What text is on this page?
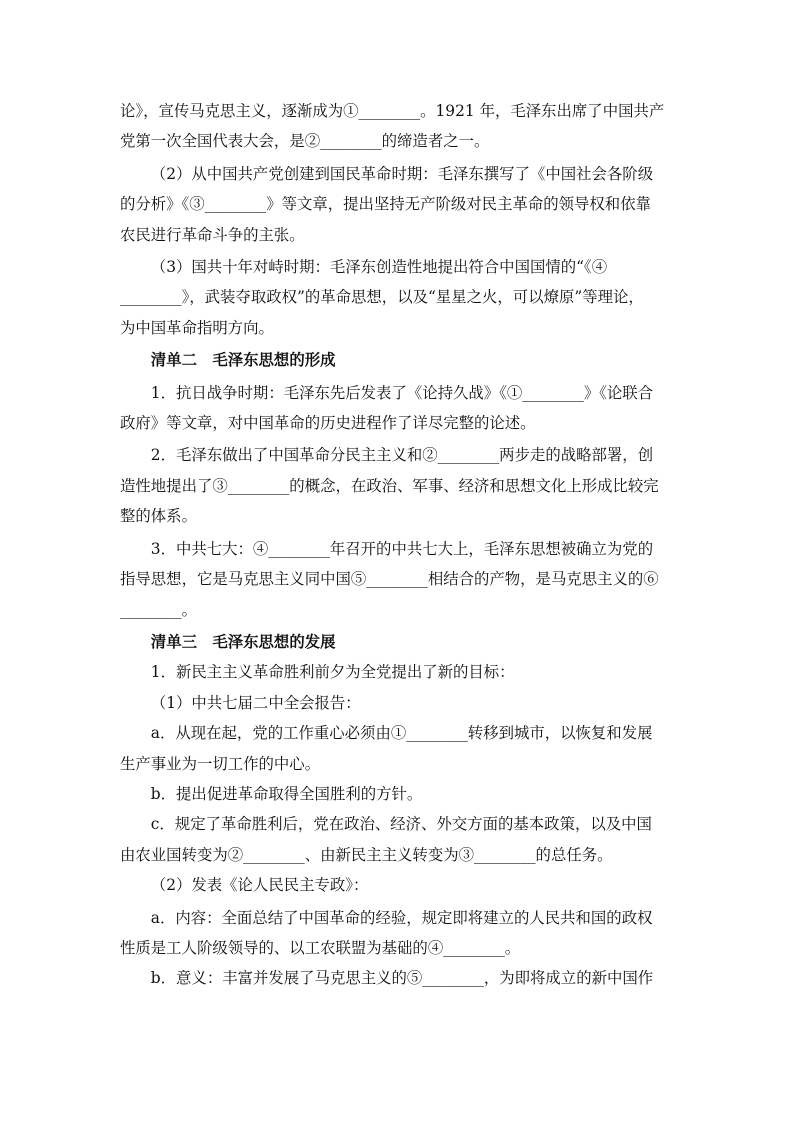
论》，宣传马克思主义，逐渐成为①________。1921 年，毛泽东出席了中国共产

党第一次全国代表大会，是②________的缔造者之一。

（2）从中国共产党创建到国民革命时期：毛泽东撰写了《中国社会各阶级

的分析》《③________》等文章，提出坚持无产阶级对民主革命的领导权和依靠

农民进行革命斗争的主张。

（3）国共十年对峙时期：毛泽东创造性地提出符合中国国情的“《④

________》，武装夺取政权”的革命思想，以及“星星之火，可以燎原”等理论，

为中国革命指明方向。

清单二　毛泽东思想的形成

1．抗日战争时期：毛泽东先后发表了《论持久战》《①________》《论联合

政府》等文章，对中国革命的历史进程作了详尽完整的论述。

2．毛泽东做出了中国革命分民主主义和②________两步走的战略部署，创

造性地提出了③________的概念，在政治、军事、经济和思想文化上形成比较完

整的体系。

3．中共七大：④________年召开的中共七大上，毛泽东思想被确立为党的

指导思想，它是马克思主义同中国⑤________相结合的产物，是马克思主义的⑥

________。

清单三　毛泽东思想的发展

1．新民主主义革命胜利前夕为全党提出了新的目标：

（1）中共七届二中全会报告：

a．从现在起，党的工作重心必须由①________转移到城市，以恢复和发展

生产事业为一切工作的中心。

b．提出促进革命取得全国胜利的方针。

c．规定了革命胜利后，党在政治、经济、外交方面的基本政策，以及中国

由农业国转变为②________、由新民主主义转变为③________的总任务。

（2）发表《论人民民主专政》：

a．内容：全面总结了中国革命的经验，规定即将建立的人民共和国的政权

性质是工人阶级领导的、以工农联盟为基础的④________。

b．意义：丰富并发展了马克思主义的⑤________，为即将成立的新中国作
